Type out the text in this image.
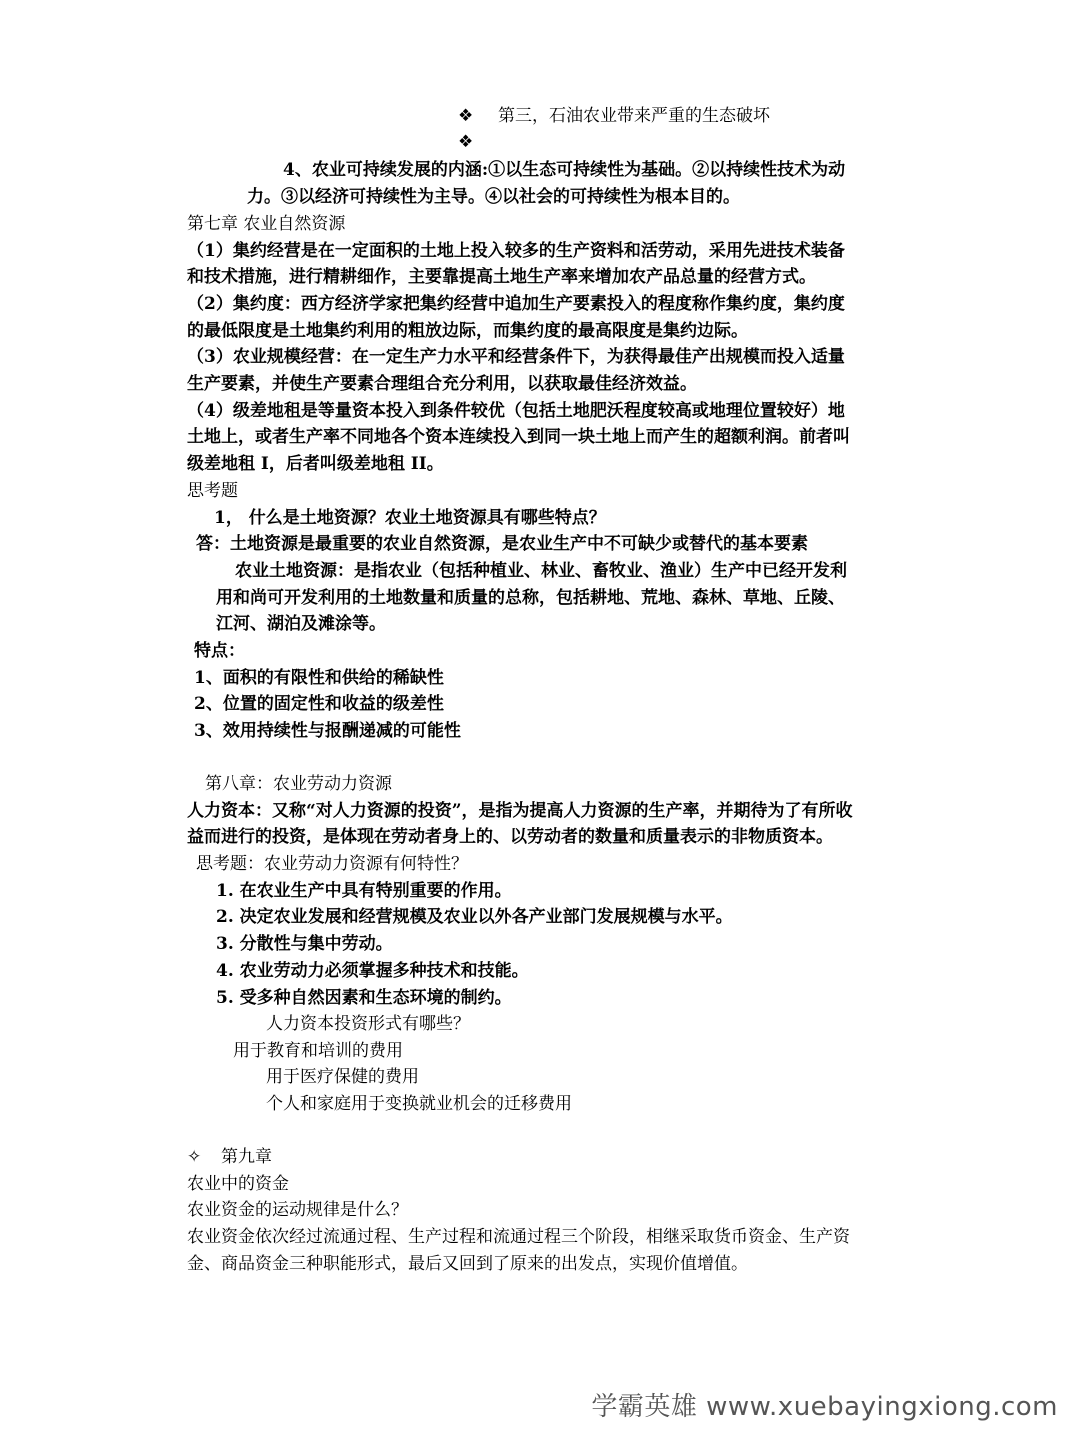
❖ 第三，石油农业带来严重的生态破坏
❖
4、农业可持续发展的内涵:①以生态可持续性为基础。②以持续性技术为动
力。③以经济可持续性为主导。④以社会的可持续性为根本目的。
第七章 农业自然资源
（1）集约经营是在一定面积的土地上投入较多的生产资料和活劳动，采用先进技术装备
和技术措施，进行精耕细作，主要靠提高土地生产率来增加农产品总量的经营方式。
（2）集约度：西方经济学家把集约经营中追加生产要素投入的程度称作集约度，集约度
的最低限度是土地集约利用的粗放边际，而集约度的最高限度是集约边际。
（3）农业规模经营：在一定生产力水平和经营条件下，为获得最佳产出规模而投入适量
生产要素，并使生产要素合理组合充分利用，以获取最佳经济效益。
（4）级差地租是等量资本投入到条件较优（包括土地肥沃程度较高或地理位置较好）地
土地上，或者生产率不同地各个资本连续投入到同一块土地上而产生的超额利润。前者叫
级差地租 I，后者叫级差地租 II。
思考题
1， 什么是土地资源？农业土地资源具有哪些特点？
答：土地资源是最重要的农业自然资源，是农业生产中不可缺少或替代的基本要素
农业土地资源：是指农业（包括种植业、林业、畜牧业、渔业）生产中已经开发利
用和尚可开发利用的土地数量和质量的总称，包括耕地、荒地、森林、草地、丘陵、
江河、湖泊及滩涂等。
特点：
1、面积的有限性和供给的稀缺性
2、位置的固定性和收益的级差性
3、效用持续性与报酬递减的可能性
第八章：农业劳动力资源
人力资本：又称“对人力资源的投资”，是指为提高人力资源的生产率，并期待为了有所收
益而进行的投资，是体现在劳动者身上的、以劳动者的数量和质量表示的非物质资本。
思考题：农业劳动力资源有何特性？
1. 在农业生产中具有特别重要的作用。
2. 决定农业发展和经营规模及农业以外各产业部门发展规模与水平。
3. 分散性与集中劳动。
4. 农业劳动力必须掌握多种技术和技能。
5. 受多种自然因素和生态环境的制约。
人力资本投资形式有哪些？
用于教育和培训的费用
用于医疗保健的费用
个人和家庭用于变换就业机会的迁移费用
✧ 第九章
农业中的资金
农业资金的运动规律是什么？
农业资金依次经过流通过程、生产过程和流通过程三个阶段，相继采取货币资金、生产资
金、商品资金三种职能形式，最后又回到了原来的出发点，实现价值增值。
学霸英雄 www.xuebayingxiong.com
